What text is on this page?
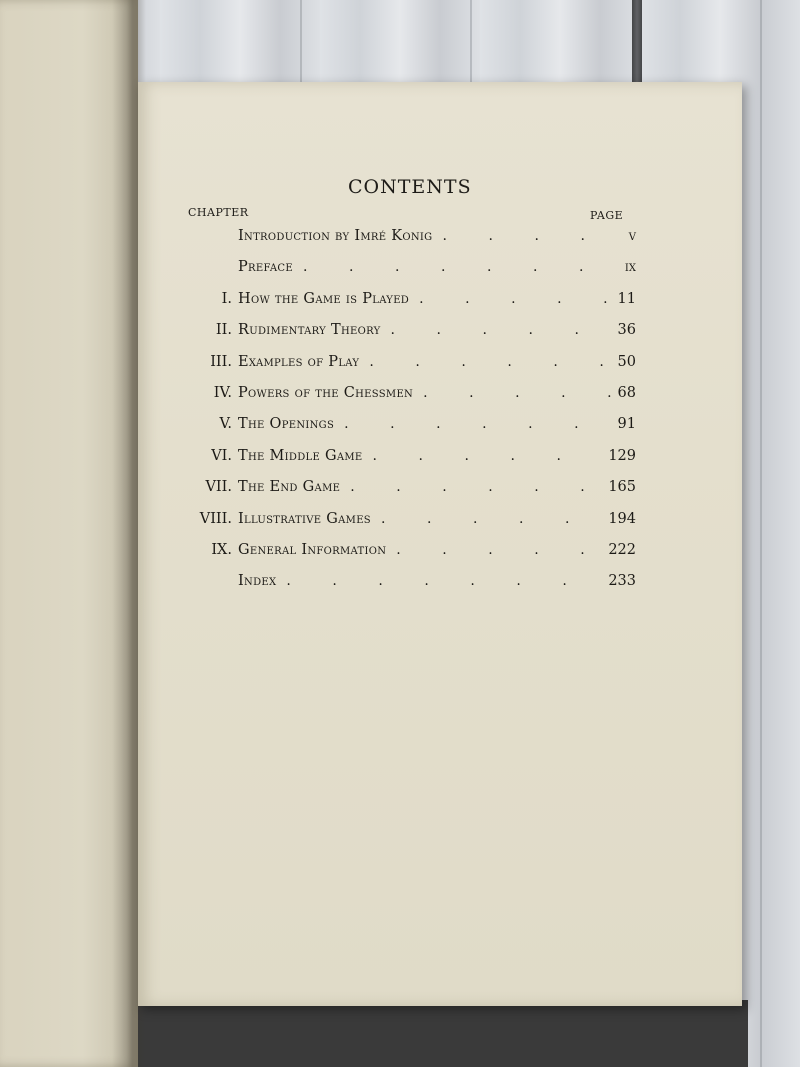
CONTENTS
CHAPTER	PAGE
Introduction by Imré Konig	v
.	.	.	.
Preface	ix
.	.	.	.	.	.	.
I. How the Game is Played	11
.	.	.	.	.
II. Rudimentary Theory	36
.	.	.	.	.
III. Examples of Play	50
.	.	.	.	.	.
IV. Powers of the Chessmen	68
.	.	.	.	.
V. The Openings	91
.	.	.	.	.	.
VI. The Middle Game	129
.	.	.	.	.
VII. The End Game	165
.	.	.	.	.	.
VIII. Illustrative Games	194
.	.	.	.	.
IX. General Information	222
.	.	.	.	.
Index	233
.	.	.	.	.	.	.
